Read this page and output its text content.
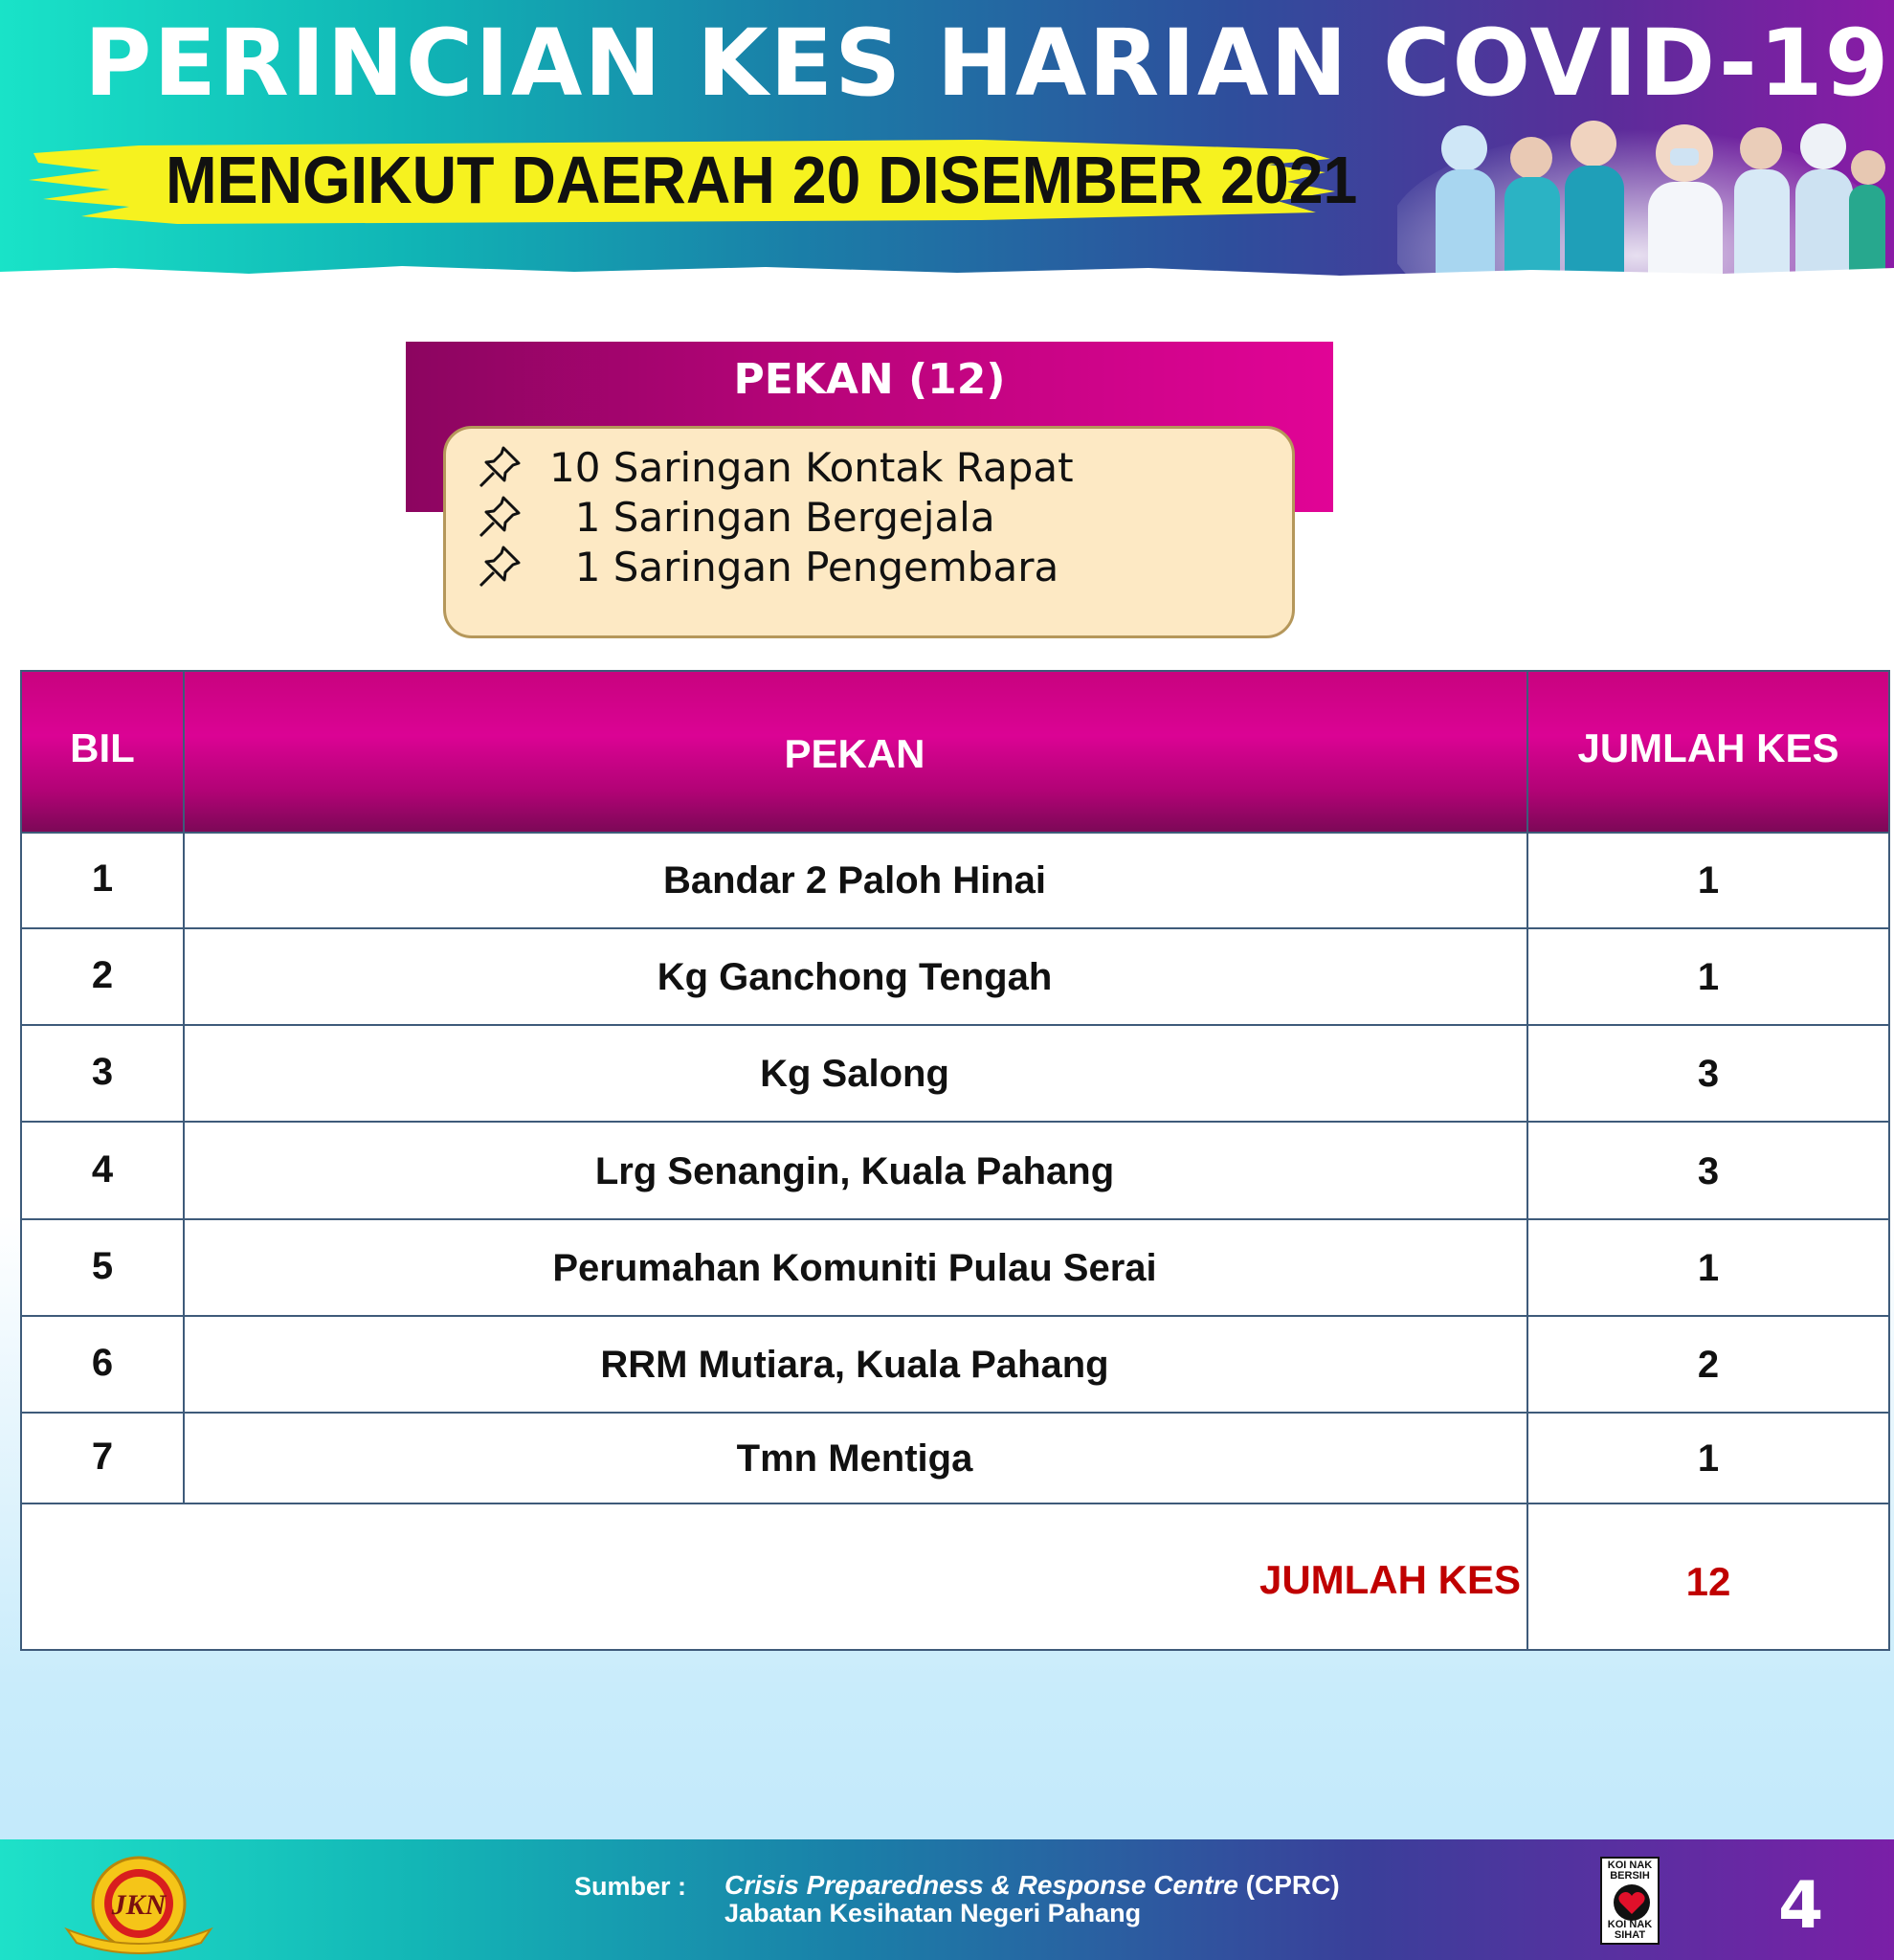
PERINCIAN KES HARIAN COVID-19
MENGIKUT DAERAH 20 DISEMBER 2021
PEKAN (12)
10 Saringan Kontak Rapat
1 Saringan Bergejala
1 Saringan Pengembara
BIL	PEKAN	JUMLAH KES
1	Bandar 2 Paloh Hinai	1
2	Kg Ganchong Tengah	1
3	Kg Salong	3
4	Lrg Senangin, Kuala Pahang	3
5	Perumahan Komuniti Pulau Serai	1
6	RRM Mutiara, Kuala Pahang	2
7	Tmn Mentiga	1
JUMLAH KES	12
JKN
Sumber : Crisis Preparedness & Response Centre (CPRC)
Jabatan Kesihatan Negeri Pahang
KOI NAK BERSIH
KOI NAK SIHAT 4
